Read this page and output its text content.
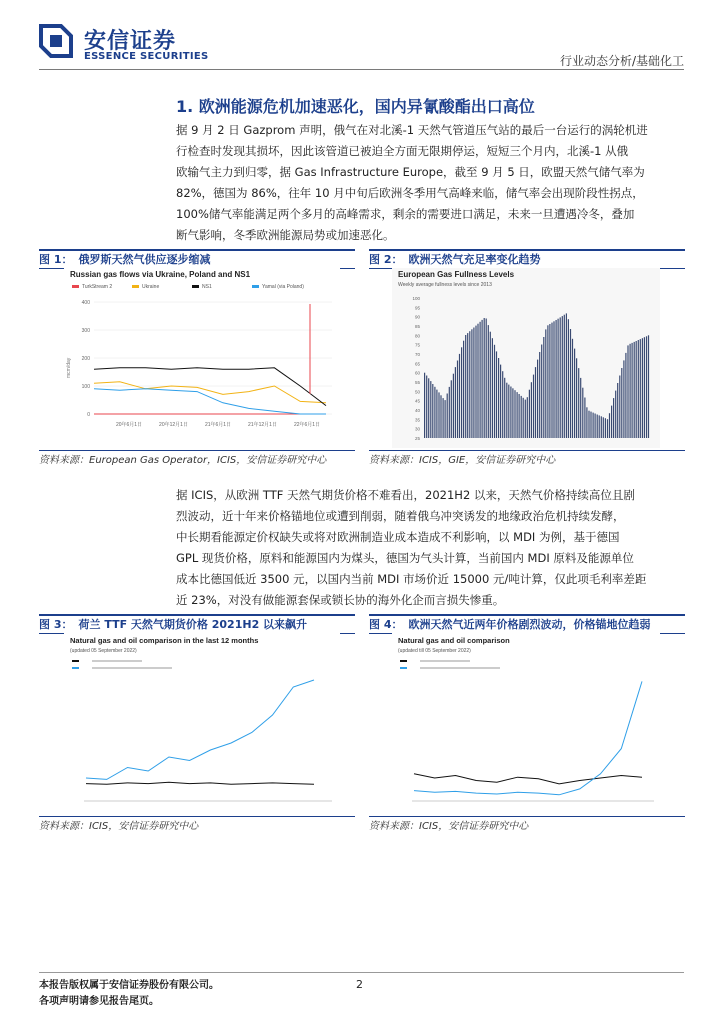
安信证券
ESSENCE SECURITIES	行业动态分析/基础化工
1. 欧洲能源危机加速恶化，国内异氰酸酯出口高位
据 9 月 2 日 Gazprom 声明，俄气在对北溪-1 天然气管道压气站的最后一台运行的涡轮机进
行检查时发现其损坏，因此该管道已被迫全方面无限期停运，短短三个月内，北溪-1 从俄
欧输气主力到归零，据 Gas Infrastructure Europe，截至 9 月 5 日，欧盟天然气储气率为
82%，德国为 86%，往年 10 月中旬后欧洲冬季用气高峰来临，储气率会出现阶段性拐点，
100%储气率能满足两个多月的高峰需求，剩余的需要进口满足，未来一旦遭遇冷冬，叠加
断气影响，冬季欧洲能源局势或加速恶化。
图 1： 俄罗斯天然气供应逐步缩减
Russian gas flows via Ukraine, Poland and NS1
TurkStream 2	Ukraine	NS1	Yamal (via Poland)
mcm/day
400
300
200
100
0
20年6月1日	20年12月1日	21年6月1日	21年12月1日	22年6月1日
资料来源：European Gas Operator，ICIS，安信证券研究中心
图 2： 欧洲天然气充足率变化趋势
European Gas Fullness Levels
Weekly average fullness levels since 2013
100
95
90
85
80
75
70
65
60
55
50
45
40
35
30
25
资料来源：ICIS，GIE，安信证券研究中心
据 ICIS，从欧洲 TTF 天然气期货价格不难看出，2021H2 以来，天然气价格持续高位且剧
烈波动，近十年来价格锚地位或遭到削弱，随着俄乌冲突诱发的地缘政治危机持续发酵，
中长期看能源定价权缺失或将对欧洲制造业成本造成不利影响，以 MDI 为例，基于德国
GPL 现货价格，原料和能源国内为煤头，德国为气头计算，当前国内 MDI 原料及能源单位
成本比德国低近 3500 元，以国内当前 MDI 市场价近 15000 元/吨计算，仅此项毛利率差距
近 23%，对没有做能源套保或锁长协的海外化企而言损失惨重。
图 3： 荷兰 TTF 天然气期货价格 2021H2 以来飙升
Natural gas and oil comparison in the last 12 months
(updated 05 September 2022)
资料来源：ICIS，安信证券研究中心
图 4： 欧洲天然气近两年价格剧烈波动，价格锚地位趋弱
Natural gas and oil comparison
(updated till 05 September 2022)
资料来源：ICIS，安信证券研究中心
本报告版权属于安信证券股份有限公司。
各项声明请参见报告尾页。
2
